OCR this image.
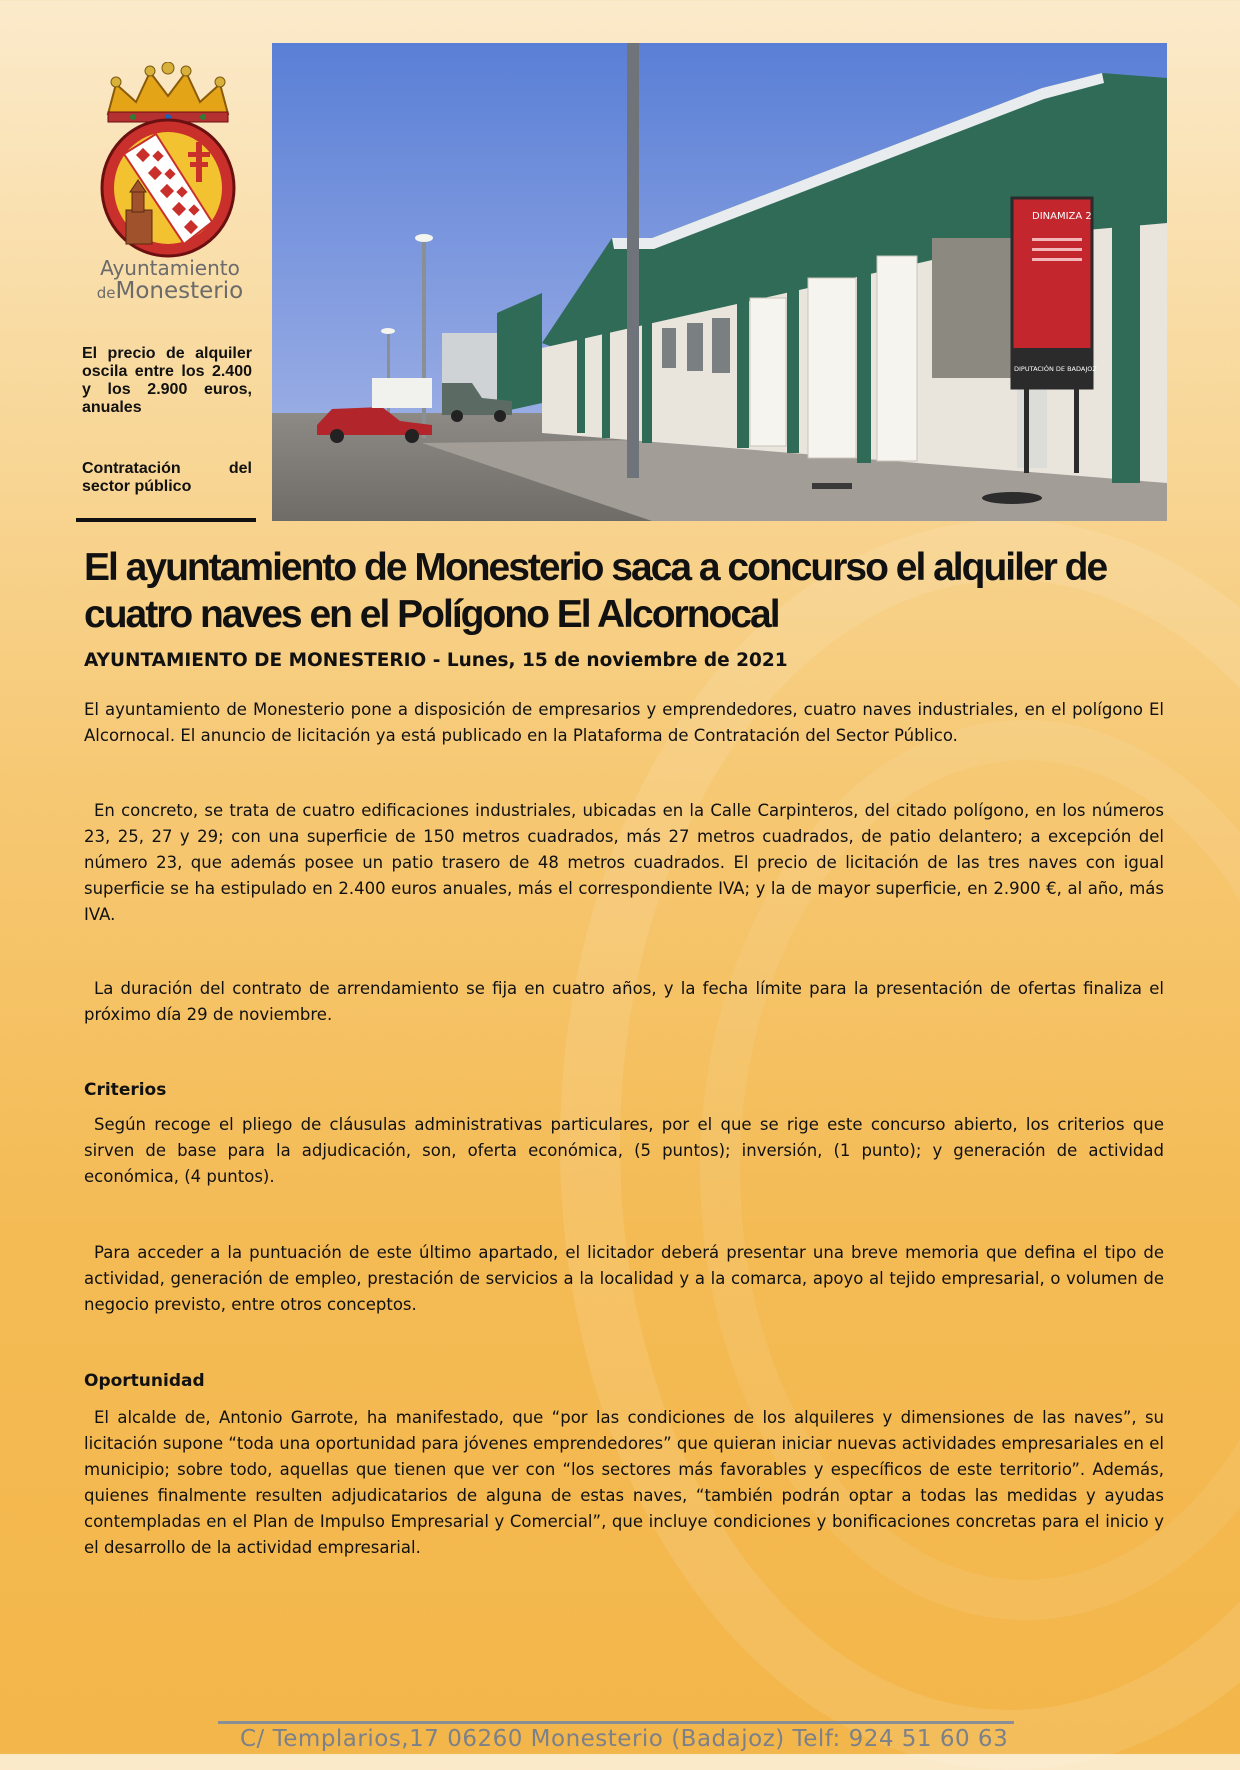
Ayuntamiento
deMonesterio
El precio de alquiler oscila entre los 2.400 y los 2.900 euros, anuales
Contratación del sector público
DINAMIZA 2
DIPUTACIÓN DE BADAJOZ
El ayuntamiento de Monesterio saca a concurso el alquiler de cuatro naves en el Polígono El Alcornocal
AYUNTAMIENTO DE MONESTERIO - Lunes, 15 de noviembre de 2021

El ayuntamiento de Monesterio pone a disposición de empresarios y emprendedores, cuatro naves industriales, en el polígono El Alcornocal. El anuncio de licitación ya está publicado en la Plataforma de Contratación del Sector Público.

En concreto, se trata de cuatro edificaciones industriales, ubicadas en la Calle Carpinteros, del citado polígono, en los números 23, 25, 27 y 29; con una superficie de 150 metros cuadrados, más 27 metros cuadrados, de patio delantero; a excepción del número 23, que además posee un patio trasero de 48 metros cuadrados. El precio de licitación de las tres naves con igual superficie se ha estipulado en 2.400 euros anuales, más el correspondiente IVA; y la de mayor superficie, en 2.900 €, al año, más IVA.

La duración del contrato de arrendamiento se fija en cuatro años, y la fecha límite para la presentación de ofertas finaliza el próximo día 29 de noviembre.

Criterios

Según recoge el pliego de cláusulas administrativas particulares, por el que se rige este concurso abierto, los criterios que sirven de base para la adjudicación, son, oferta económica, (5 puntos); inversión, (1 punto); y generación de actividad económica, (4 puntos).

Para acceder a la puntuación de este último apartado, el licitador deberá presentar una breve memoria que defina el tipo de actividad, generación de empleo, prestación de servicios a la localidad y a la comarca, apoyo al tejido empresarial, o volumen de negocio previsto, entre otros conceptos.

Oportunidad

El alcalde de, Antonio Garrote, ha manifestado, que “por las condiciones de los alquileres y dimensiones de las naves”, su licitación supone “toda una oportunidad para jóvenes emprendedores” que quieran iniciar nuevas actividades empresariales en el municipio; sobre todo, aquellas que tienen que ver con “los sectores más favorables y específicos de este territorio”. Además, quienes finalmente resulten adjudicatarios de alguna de estas naves, “también podrán optar a todas las medidas y ayudas contempladas en el Plan de Impulso Empresarial y Comercial”, que incluye condiciones y bonificaciones concretas para el inicio y el desarrollo de la actividad empresarial.

C/ Templarios,17 06260 Monesterio (Badajoz) Telf: 924 51 60 63
